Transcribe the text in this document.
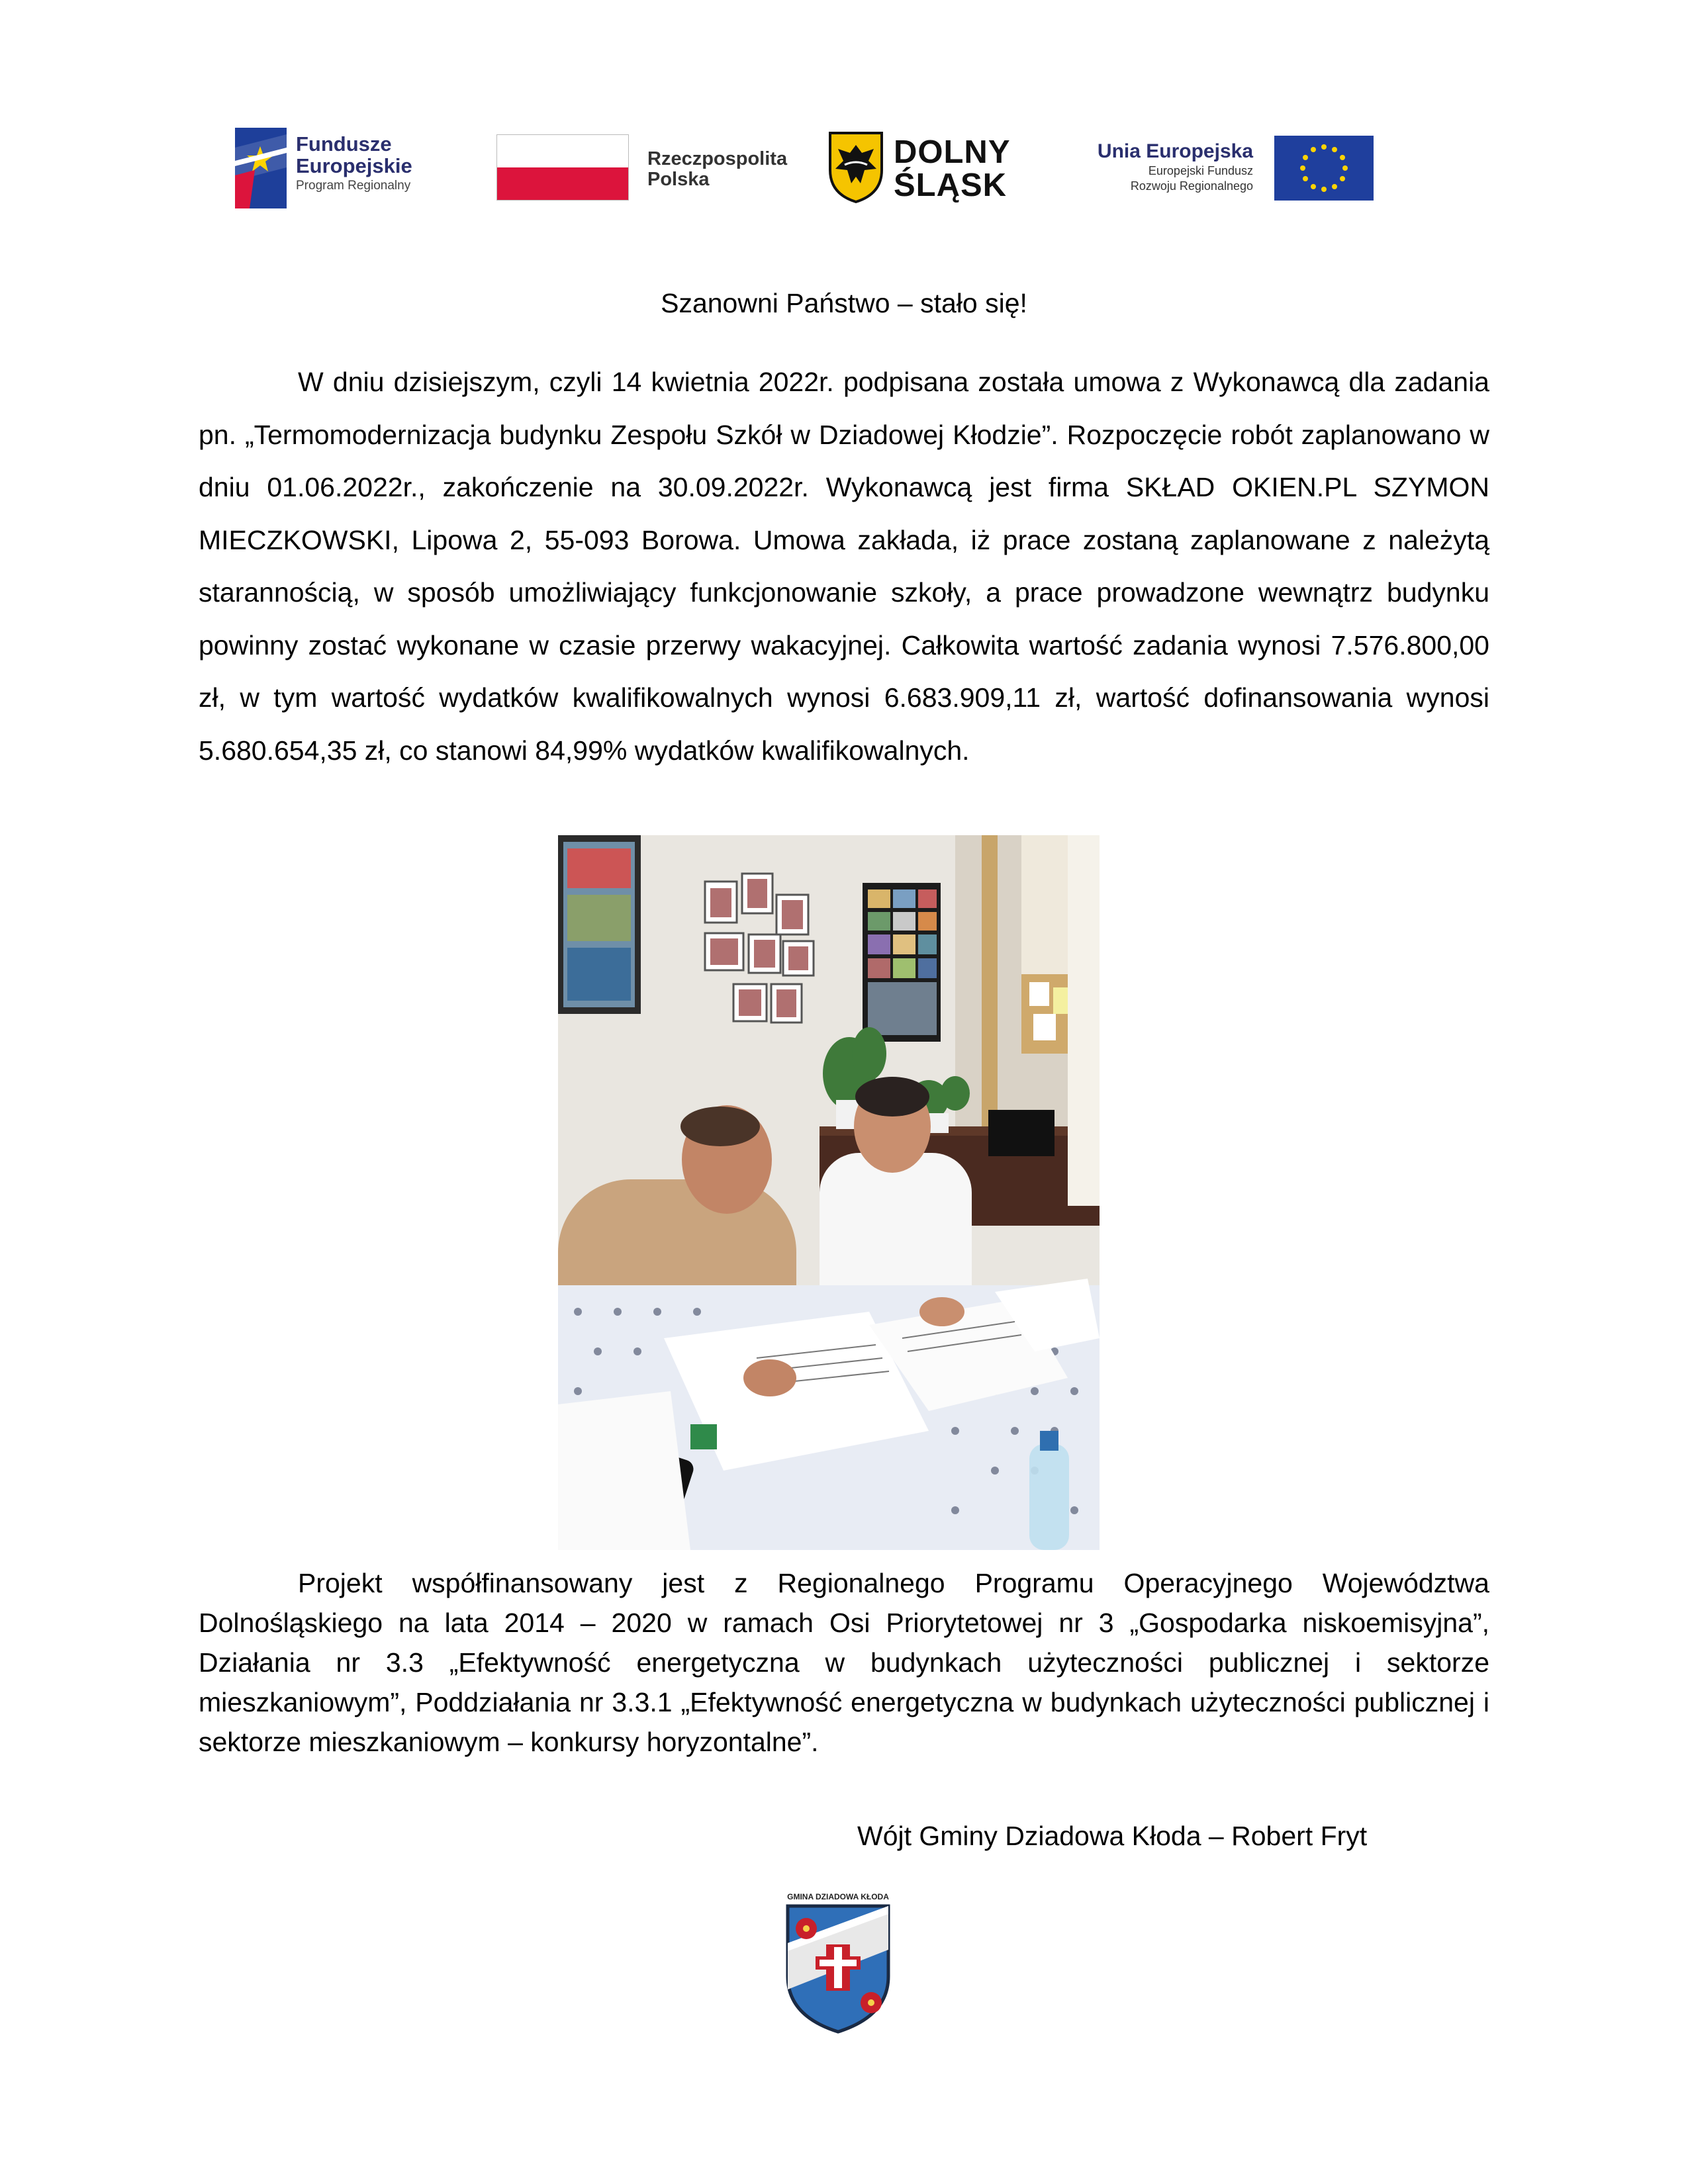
Fundusze
Europejskie
Program Regionalny
Rzeczpospolita
Polska
DOLNY
ŚLĄSK
Unia Europejska
Europejski Fundusz
Rozwoju Regionalnego
Szanowni Państwo – stało się!

W dniu dzisiejszym, czyli 14 kwietnia 2022r. podpisana została umowa z Wykonawcą dla zadania pn. „Termomodernizacja budynku Zespołu Szkół w Dziadowej Kłodzie”. Rozpoczęcie robót zaplanowano w dniu 01.06.2022r., zakończenie na 30.09.2022r. Wykonawcą jest firma SKŁAD OKIEN.PL SZYMON MIECZKOWSKI, Lipowa 2, 55-093 Borowa. Umowa zakłada, iż prace zostaną zaplanowane z należytą starannością, w sposób umożliwiający funkcjonowanie szkoły, a prace prowadzone wewnątrz budynku powinny zostać wykonane w czasie przerwy wakacyjnej. Całkowita wartość zadania wynosi 7.576.800,00 zł, w tym wartość wydatków kwalifikowalnych wynosi 6.683.909,11 zł, wartość dofinansowania wynosi 5.680.654,35 zł, co stanowi 84,99% wydatków kwalifikowalnych.

Projekt współfinansowany jest z Regionalnego Programu Operacyjnego Województwa Dolnośląskiego na lata 2014 – 2020 w ramach Osi Priorytetowej nr 3 „Gospodarka niskoemisyjna”, Działania nr 3.3 „Efektywność energetyczna w budynkach użyteczności publicznej i sektorze mieszkaniowym”, Poddziałania nr 3.3.1 „Efektywność energetyczna w budynkach użyteczności publicznej i sektorze mieszkaniowym – konkursy horyzontalne”.

Wójt Gminy Dziadowa Kłoda – Robert Fryt
GMINA DZIADOWA KŁODA
